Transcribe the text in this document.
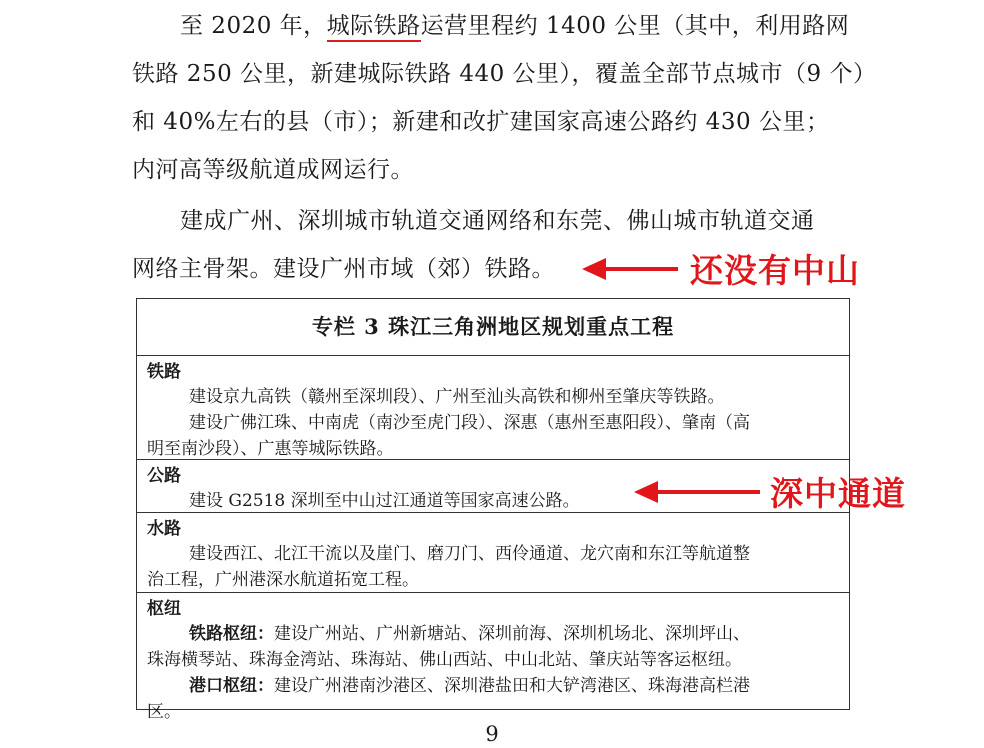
至 2020 年，城际铁路运营里程约 1400 公里（其中，利用路网
铁路 250 公里，新建城际铁路 440 公里），覆盖全部节点城市（9 个）
和 40%左右的县（市）；新建和改扩建国家高速公路约 430 公里；
内河高等级航道成网运行。
建成广州、深圳城市轨道交通网络和东莞、佛山城市轨道交通
网络主骨架。建设广州市域（郊）铁路。	还没有中山
专栏 3 珠江三角洲地区规划重点工程
铁路
建设京九高铁（赣州至深圳段）、广州至汕头高铁和柳州至肇庆等铁路。
建设广佛江珠、中南虎（南沙至虎门段）、深惠（惠州至惠阳段）、肇南（高
明至南沙段）、广惠等城际铁路。
公路
建设 G2518 深圳至中山过江通道等国家高速公路。
水路
建设西江、北江干流以及崖门、磨刀门、西伶通道、龙穴南和东江等航道整
治工程，广州港深水航道拓宽工程。
枢纽
铁路枢纽：建设广州站、广州新塘站、深圳前海、深圳机场北、深圳坪山、
珠海横琴站、珠海金湾站、珠海站、佛山西站、中山北站、肇庆站等客运枢纽。
港口枢纽：建设广州港南沙港区、深圳港盐田和大铲湾港区、珠海港高栏港
区。
深中通道
9
